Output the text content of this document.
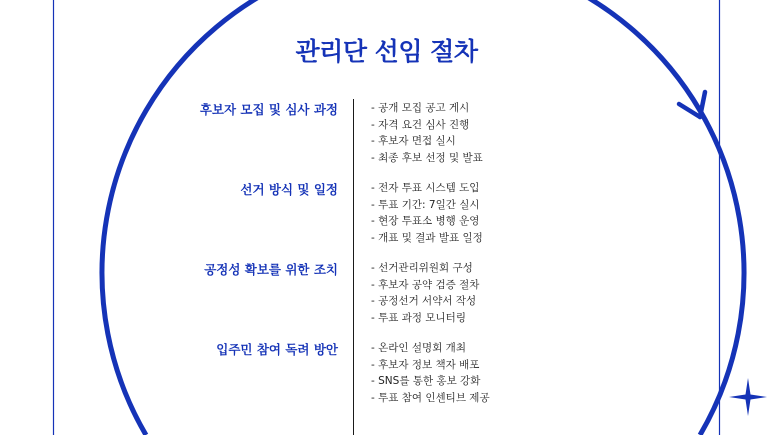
관리단 선임 절차
후보자 모집 및 심사 과정	- 공개 모집 공고 게시
- 자격 요건 심사 진행
- 후보자 면접 실시
- 최종 후보 선정 및 발표
선거 방식 및 일정	- 전자 투표 시스템 도입
- 투표 기간: 7일간 실시
- 현장 투표소 병행 운영
- 개표 및 결과 발표 일정
공정성 확보를 위한 조치	- 선거관리위원회 구성
- 후보자 공약 검증 절차
- 공정선거 서약서 작성
- 투표 과정 모니터링
입주민 참여 독려 방안	- 온라인 설명회 개최
- 후보자 정보 책자 배포
- SNS를 통한 홍보 강화
- 투표 참여 인센티브 제공
